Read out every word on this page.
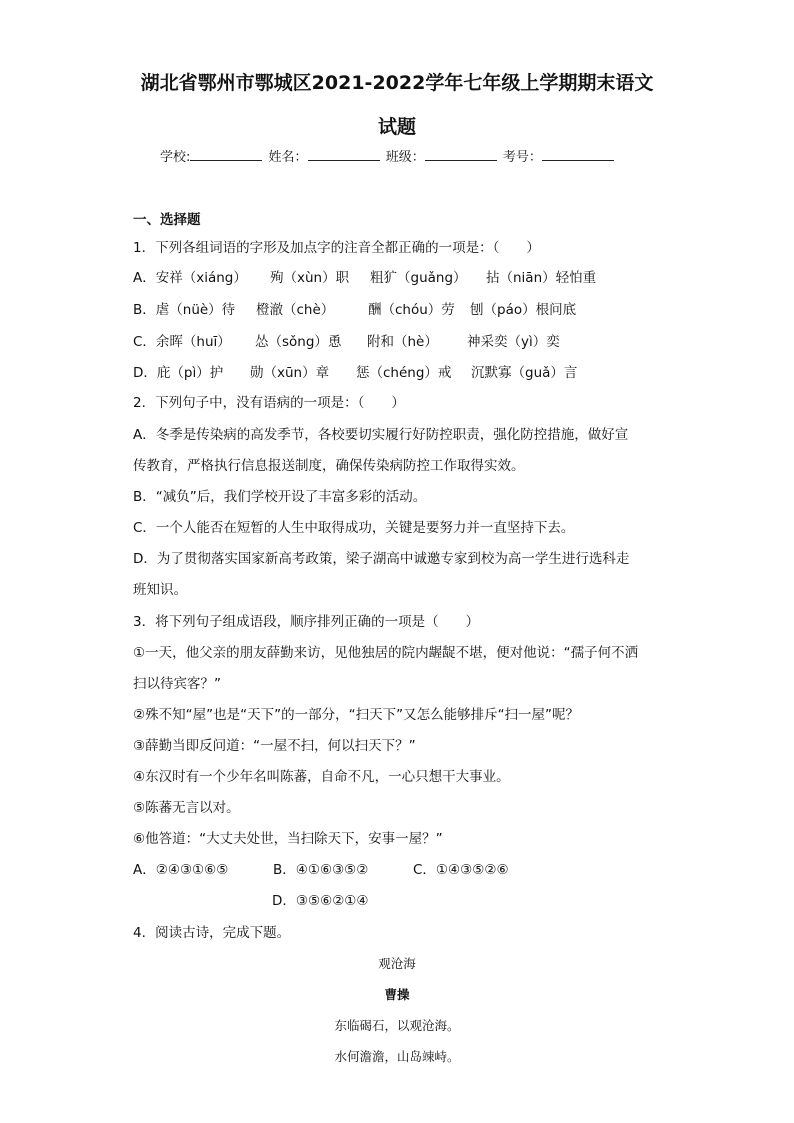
湖北省鄂州市鄂城区2021-2022学年七年级上学期期末语文
试题
学校:	姓名：	班级：	考号：
一、选择题
1．下列各组词语的字形及加点字的注音全都正确的一项是：（　　）
A．安祥（xiáng） 殉（xùn）职 粗犷（guǎng） 拈（niān）轻怕重
B．虐（nüè）待 橙澈（chè） 酬（chóu）劳 刨（páo）根问底
C．余晖（huī） 怂（sǒng）恿 附和（hè） 神采奕（yì）奕
D．庇（pì）护 勋（xūn）章 惩（chéng）戒 沉默寡（guǎ）言
2．下列句子中，没有语病的一项是：（　　）
A．冬季是传染病的高发季节，各校要切实履行好防控职责，强化防控措施，做好宣
传教育，严格执行信息报送制度，确保传染病防控工作取得实效。
B．“减负”后，我们学校开设了丰富多彩的活动。
C．一个人能否在短暂的人生中取得成功，关键是要努力并一直坚持下去。
D．为了贯彻落实国家新高考政策，梁子湖高中诚邀专家到校为高一学生进行选科走
班知识。
3．将下列句子组成语段，顺序排列正确的一项是（　　）
①一天，他父亲的朋友薛勤来访，见他独居的院内龌龊不堪，便对他说：“孺子何不洒
扫以待宾客？”
②殊不知“屋”也是“天下”的一部分，“扫天下”又怎么能够排斥“扫一屋”呢？
③薛勤当即反问道：“一屋不扫，何以扫天下？”
④东汉时有一个少年名叫陈蕃，自命不凡，一心只想干大事业。
⑤陈蕃无言以对。
⑥他答道：“大丈夫处世，当扫除天下，安事一屋？”
A．②④③①⑥⑤	B．④①⑥③⑤②	C．①④③⑤②⑥
D．③⑤⑥②①④
4．阅读古诗，完成下题。
观沧海
曹操
东临碣石，以观沧海。
水何澹澹，山岛竦峙。
